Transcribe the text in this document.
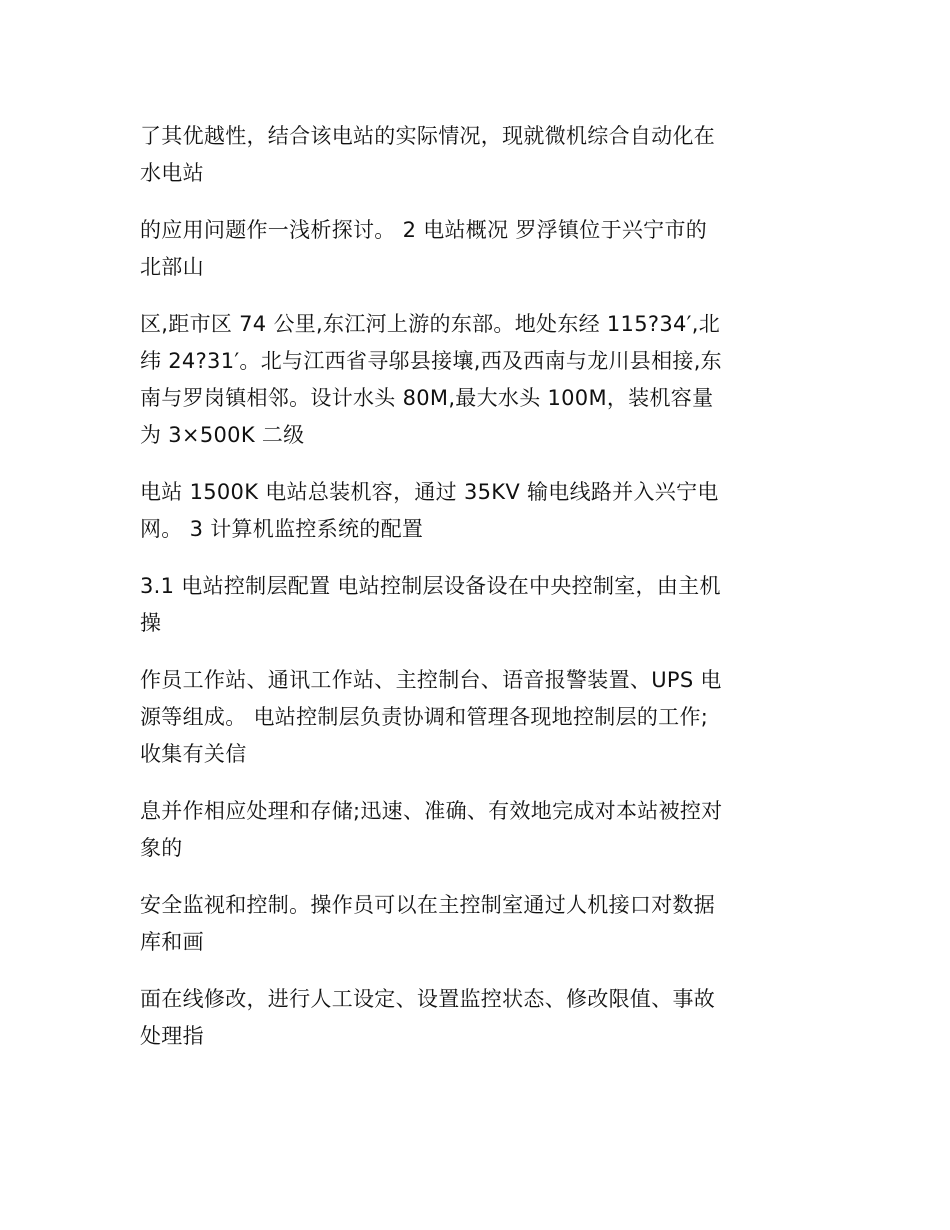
了其优越性，结合该电站的实际情况，现就微机综合自动化在
水电站

的应用问题作一浅析探讨。 2 电站概况 罗浮镇位于兴宁市的
北部山

区,距市区 74 公里,东江河上游的东部。地处东经 115?34′,北
纬 24?31′。北与江西省寻邬县接壤,西及西南与龙川县相接,东
南与罗岗镇相邻。设计水头 80M,最大水头 100M，装机容量
为 3×500K 二级

电站 1500K 电站总装机容，通过 35KV 输电线路并入兴宁电
网。 3 计算机监控系统的配置

3.1 电站控制层配置 电站控制层设备设在中央控制室，由主机
操

作员工作站、通讯工作站、主控制台、语音报警装置、UPS 电
源等组成。 电站控制层负责协调和管理各现地控制层的工作;
收集有关信

息并作相应处理和存储;迅速、准确、有效地完成对本站被控对
象的

安全监视和控制。操作员可以在主控制室通过人机接口对数据
库和画

面在线修改，进行人工设定、设置监控状态、修改限值、事故
处理指
